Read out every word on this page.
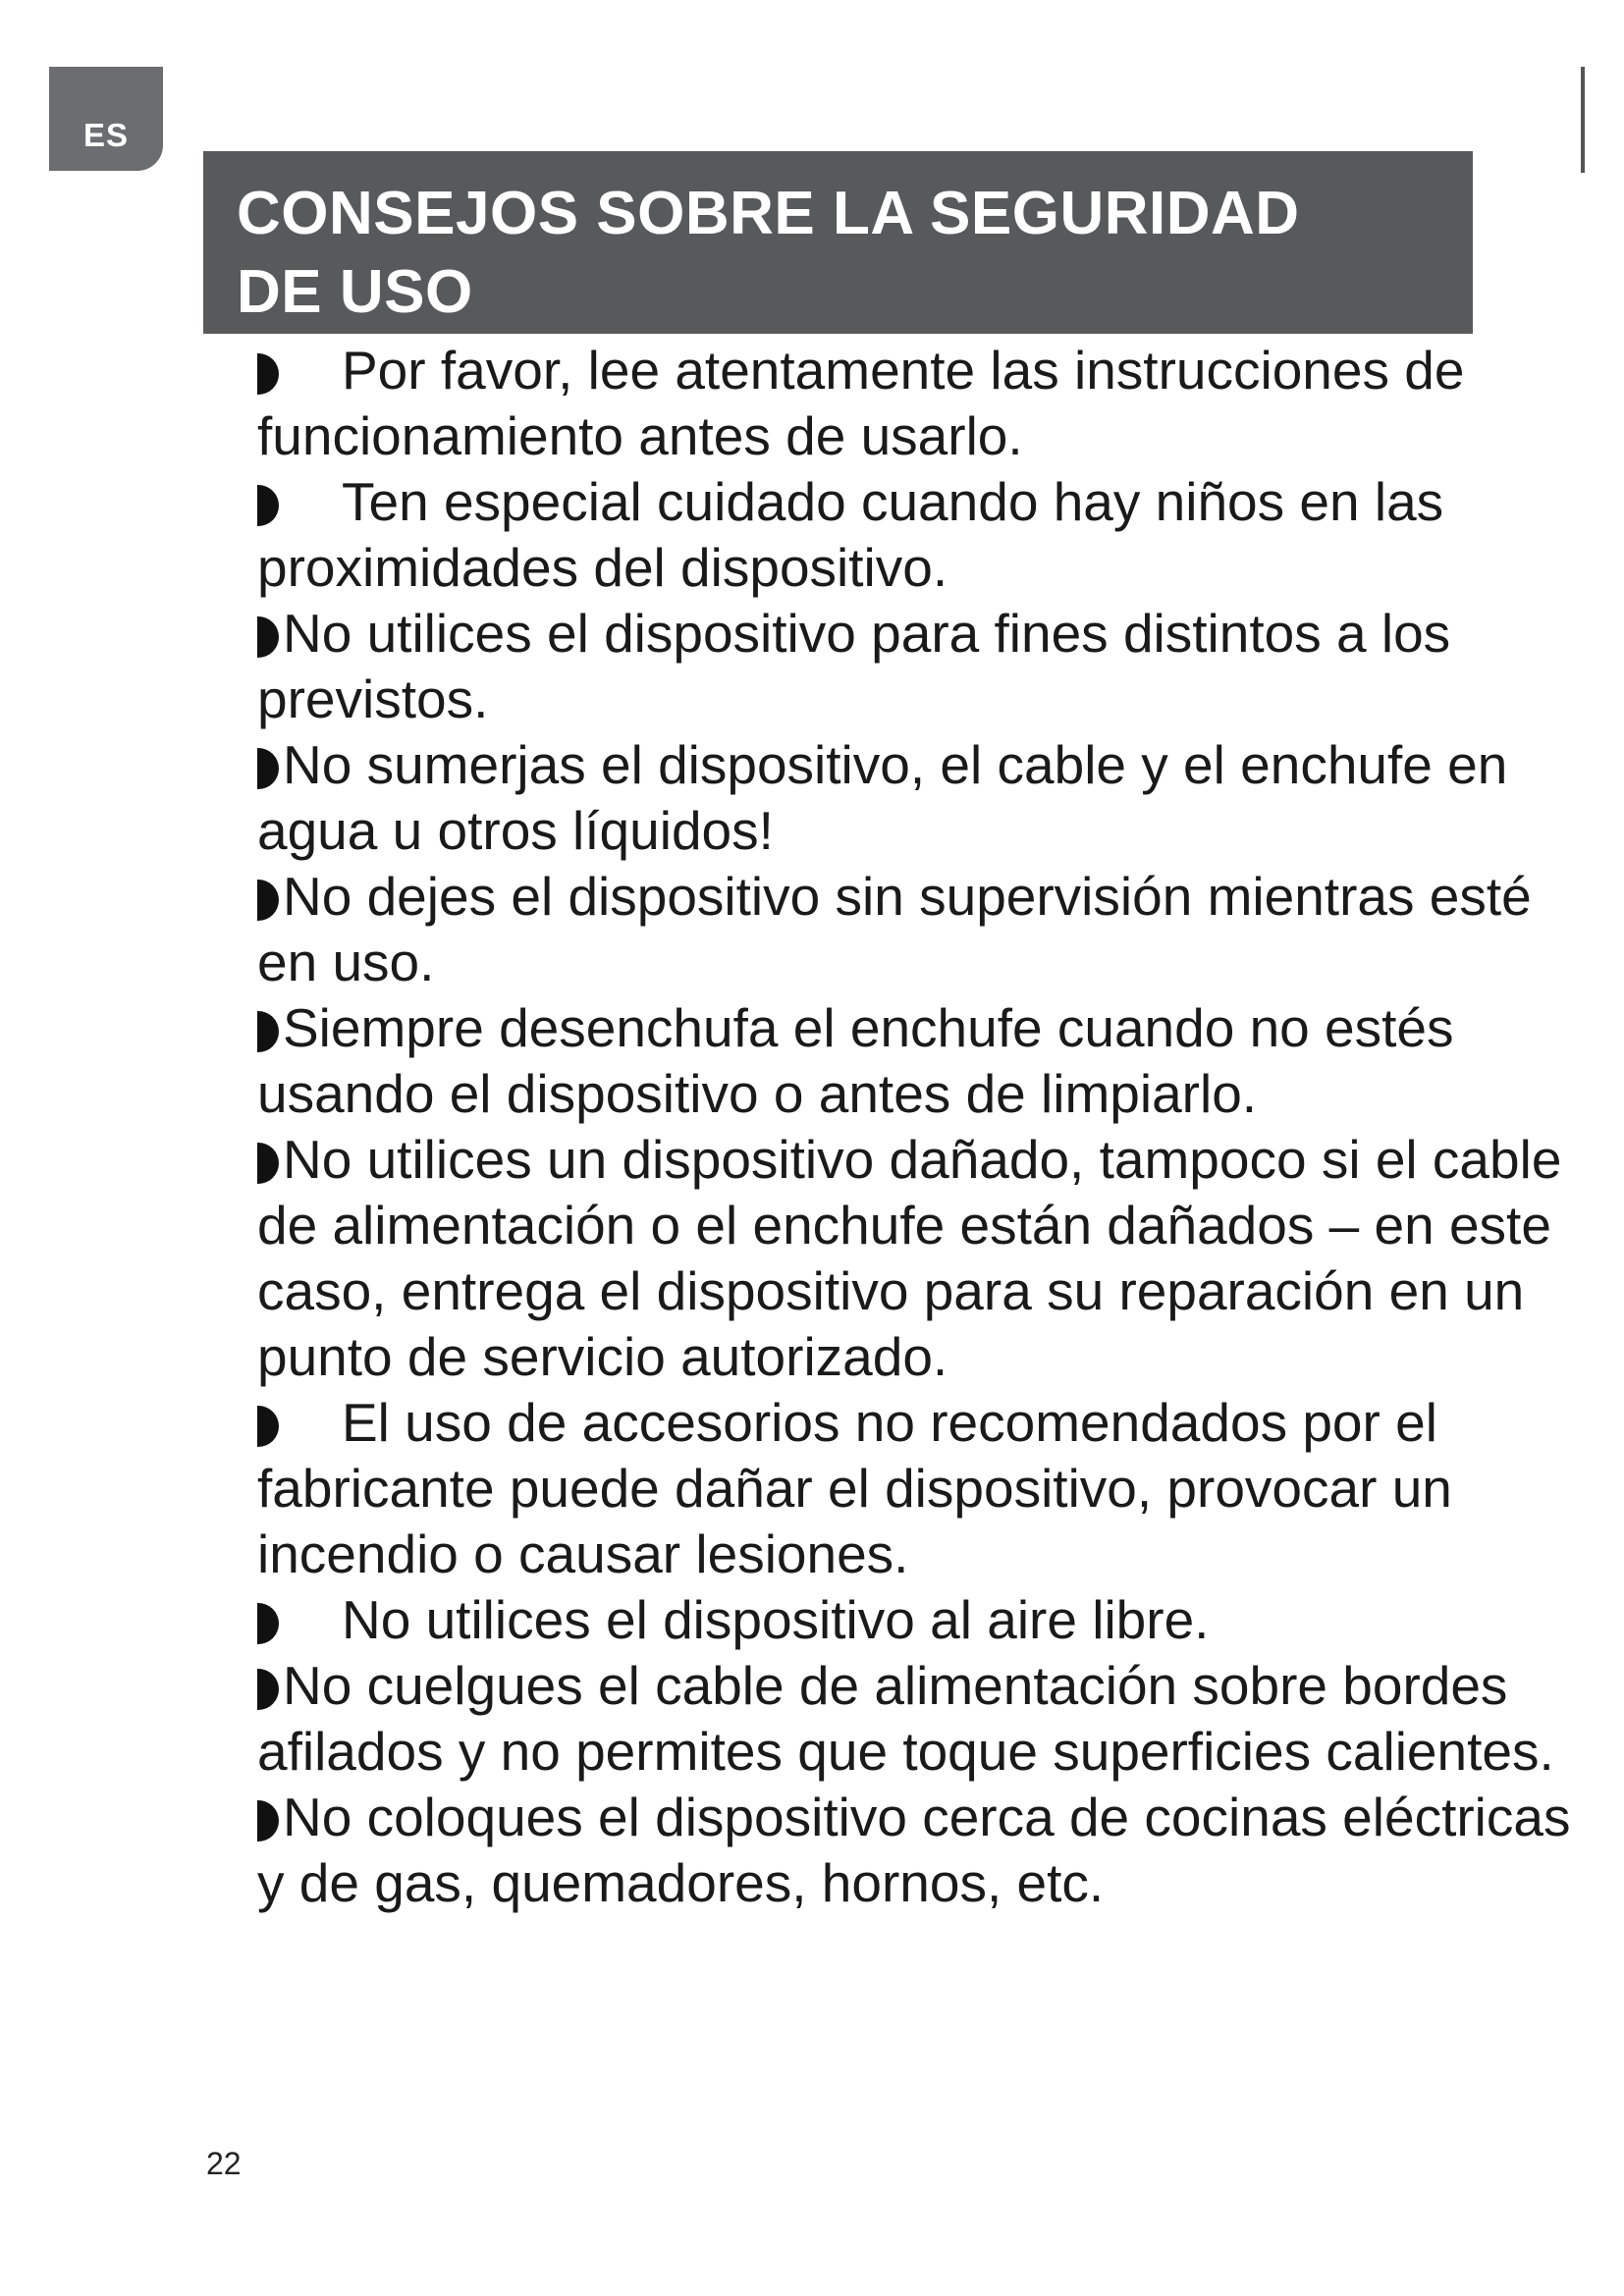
ES
CONSEJOS SOBRE LA SEGURIDAD
DE USO
Por favor, lee atentamente las instrucciones de funcionamiento antes de usarlo.
Ten especial cuidado cuando hay niños en las proximidades del dispositivo.
No utilices el dispositivo para fines distintos a los previstos.
No sumerjas el dispositivo, el cable y el enchufe en agua u otros líquidos!
No dejes el dispositivo sin supervisión mientras esté en uso.
Siempre desenchufa el enchufe cuando no estés usando el dispositivo o antes de limpiarlo.
No utilices un dispositivo dañado, tampoco si el cable de alimentación o el enchufe están dañados – en este caso, entrega el dispositivo para su reparación en un punto de servicio autorizado.
El uso de accesorios no recomendados por el fabricante puede dañar el dispositivo, provocar un incendio o causar lesiones.
No utilices el dispositivo al aire libre.
No cuelgues el cable de alimentación sobre bordes afilados y no permites que toque superficies calientes.
No coloques el dispositivo cerca de cocinas eléctricas y de gas, quemadores, hornos, etc.
22
